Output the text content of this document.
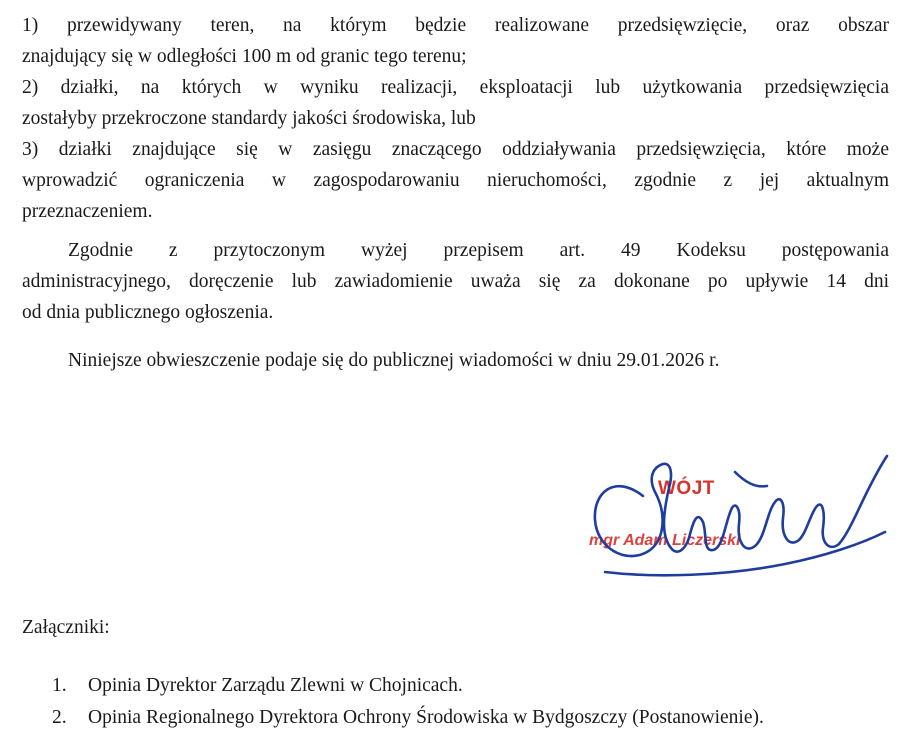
1) przewidywany teren, na którym będzie realizowane przedsięwzięcie, oraz obszar
znajdujący się w odległości 100 m od granic tego terenu;

2) działki, na których w wyniku realizacji, eksploatacji lub użytkowania przedsięwzięcia
zostałyby przekroczone standardy jakości środowiska, lub

3) działki znajdujące się w zasięgu znaczącego oddziaływania przedsięwzięcia, które może
wprowadzić ograniczenia w zagospodarowaniu nieruchomości, zgodnie z jej aktualnym
przeznaczeniem.

Zgodnie z przytoczonym wyżej przepisem art. 49 Kodeksu postępowania
administracyjnego, doręczenie lub zawiadomienie uważa się za dokonane po upływie 14 dni
od dnia publicznego ogłoszenia.

Niniejsze obwieszczenie podaje się do publicznej wiadomości w dniu 29.01.2026 r.

WÓJT
mgr Adam Liczerski

Załączniki:

1. Opinia Dyrektor Zarządu Zlewni w Chojnicach.
2. Opinia Regionalnego Dyrektora Ochrony Środowiska w Bydgoszczy (Postanowienie).
